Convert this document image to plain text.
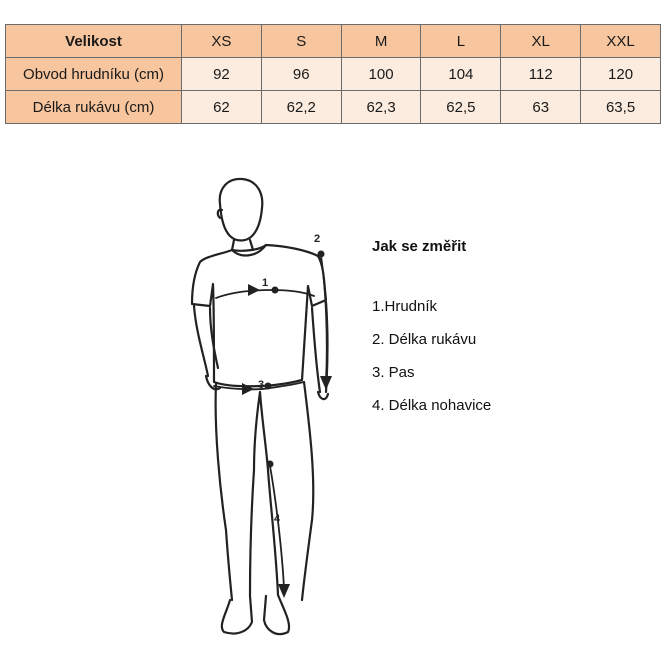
Velikost	XS	S	M	L	XL	XXL
Obvod hrudníku (cm)	92	96	100	104	112	120
Délka rukávu (cm)	62	62,2	62,3	62,5	63	63,5
1
2
3
4
Jak se změřit
1.Hrudník
2. Délka rukávu
3. Pas
4. Délka nohavice
